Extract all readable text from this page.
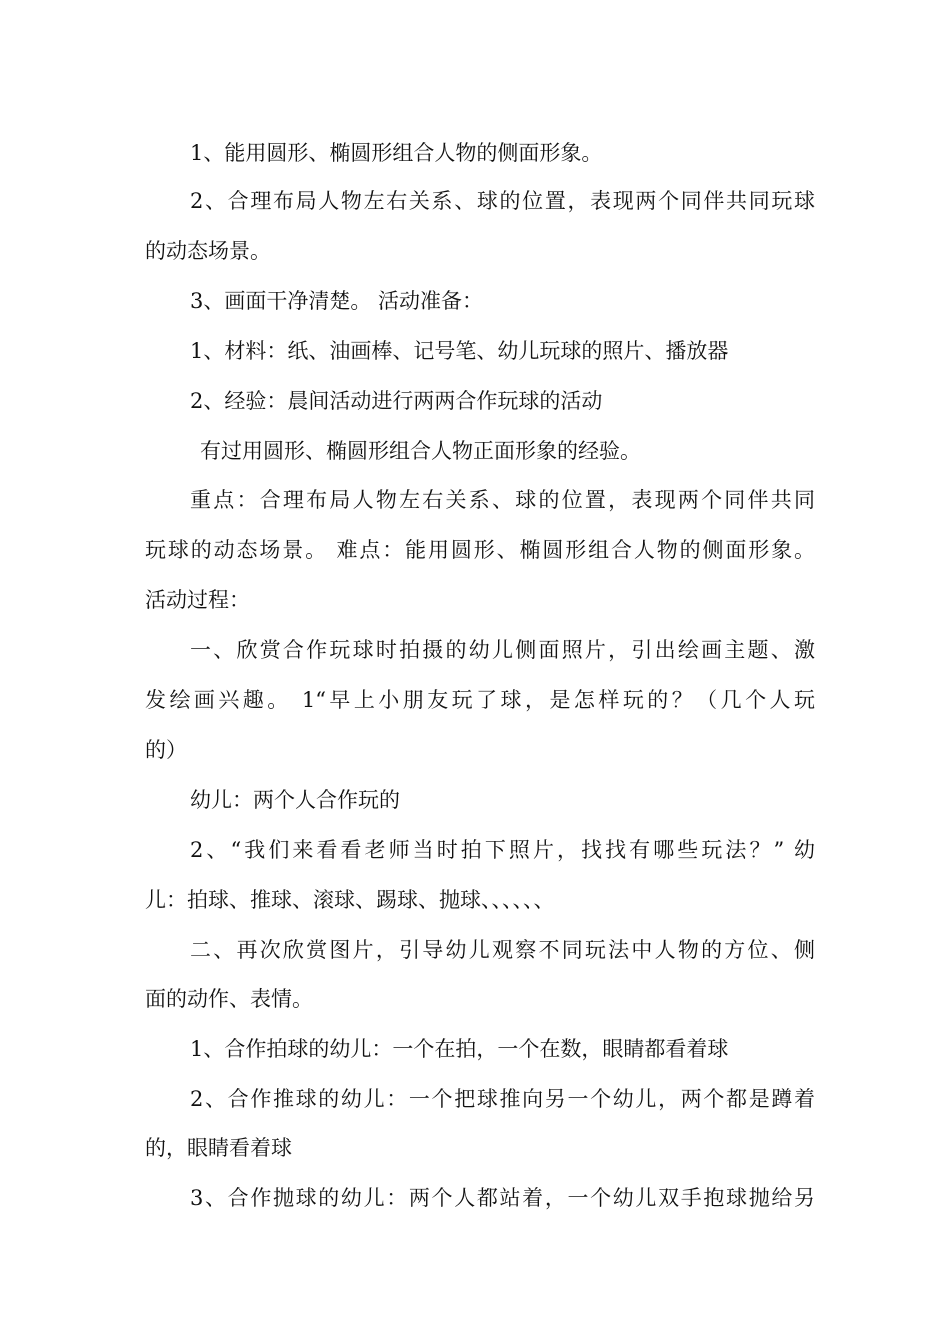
1、能用圆形、椭圆形组合人物的侧面形象。
2、合理布局人物左右关系、球的位置，表现两个同伴共同玩球
的动态场景。
3、画面干净清楚。 活动准备：
1、材料：纸、油画棒、记号笔、幼儿玩球的照片、播放器
2、经验：晨间活动进行两两合作玩球的活动
有过用圆形、椭圆形组合人物正面形象的经验。
重点：合理布局人物左右关系、球的位置，表现两个同伴共同
玩球的动态场景。 难点：能用圆形、椭圆形组合人物的侧面形象。
活动过程：
一、欣赏合作玩球时拍摄的幼儿侧面照片，引出绘画主题、激
发绘画兴趣。 1“早上小朋友玩了球，是怎样玩的？（几个人玩
的）
幼儿：两个人合作玩的
2、“我们来看看老师当时拍下照片，找找有哪些玩法？” 幼
儿：拍球、推球、滚球、踢球、抛球、、、、、、
二、再次欣赏图片，引导幼儿观察不同玩法中人物的方位、侧
面的动作、表情。
1、合作拍球的幼儿：一个在拍，一个在数，眼睛都看着球
2、合作推球的幼儿：一个把球推向另一个幼儿，两个都是蹲着
的，眼睛看着球
3、合作抛球的幼儿：两个人都站着，一个幼儿双手抱球抛给另
